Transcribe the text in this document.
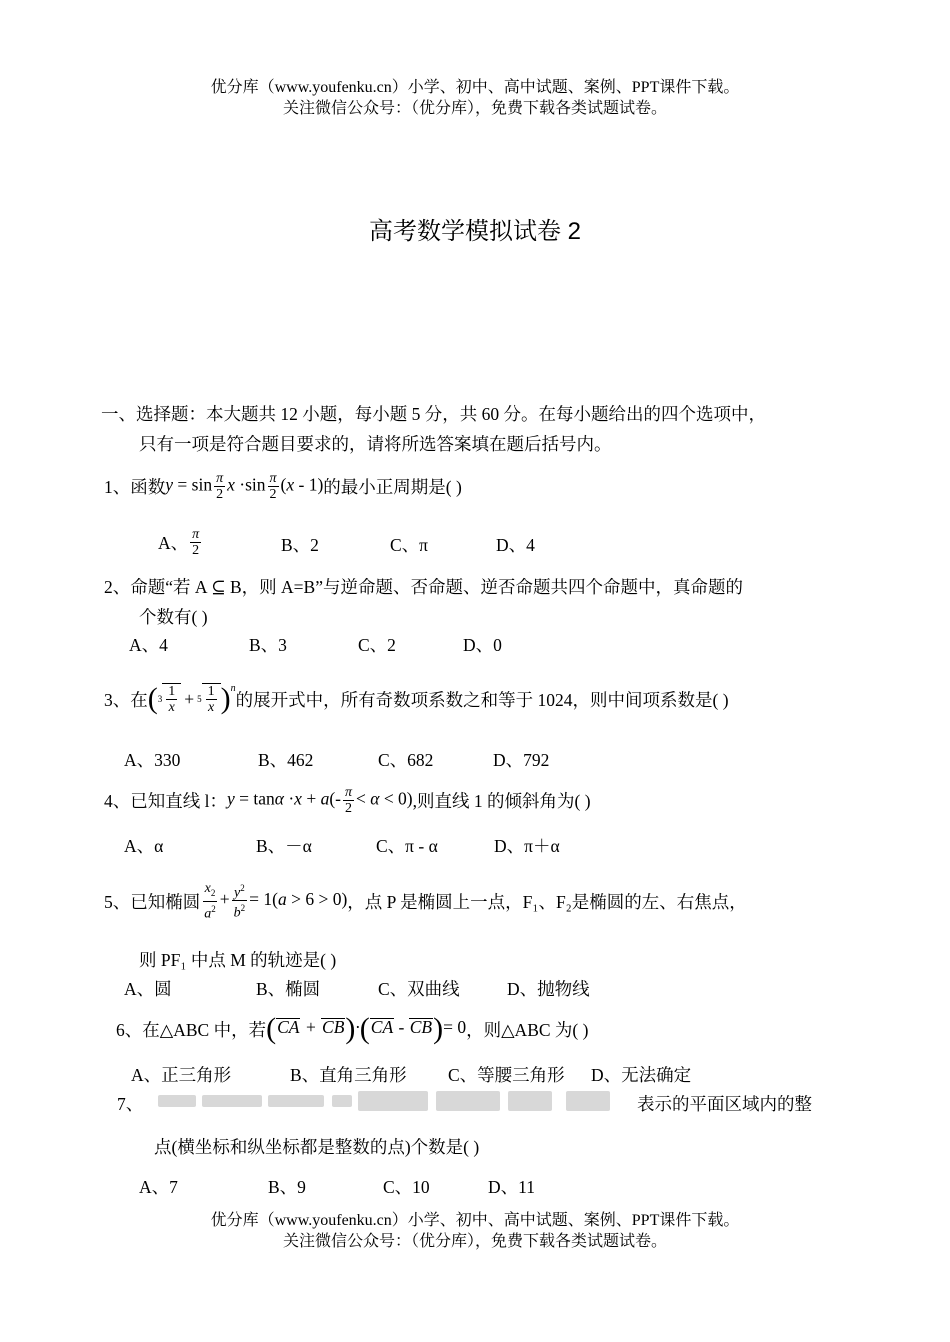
优分库（www.youfenku.cn）小学、初中、高中试题、案例、PPT课件下载。
关注微信公众号：（优分库），免费下载各类试题试卷。
高考数学模拟试卷 2
一、选择题：本大题共 12 小题，每小题 5 分，共 60 分。在每小题给出的四个选项中，
只有一项是符合题目要求的，请将所选答案填在题后括号内。
1、函数 $y = \sin \frac{\pi}{2}$ $x \cdot\sin \frac{\pi}{2} (x - 1)$ 的最小正周期是( )
A、 $\frac{\pi}{2}$	B、2	C、π	D、4
2、命题“若 A ⊆ B，则 A=B”与逆命题、否命题、逆否命题共四个命题中，真命题的
个数有( )
A、4	B、3	C、2	D、0
3、在 ( $3 \frac{1}{x} + 5 \frac{1}{x} )^n$
的展开式中，所有奇数项系数之和等于 1024，则中间项系数是( )
A、330	B、462	C、682	D、792
4、已知直线 l： $y = \tan\alpha \cdot x + a(- \frac{\pi}{2} < \alpha < 0)$ ,则直线 1 的倾斜角为( )
A、α	B、－α	C、π - α	D、π＋α
5、已知椭圆 $\frac{x_2}{a^2} + \frac{y^2}{b^2} = 1(a > 6 > 0)$ ，点 P 是椭圆上一点，F₁、F₂是椭圆的左、右焦点，
则 PF₁ 中点 M 的轨迹是( )
A、圆	B、椭圆	C、双曲线	D、抛物线
6、在△ABC 中，若 (CA + CB)·(CA - CB)= 0 ，则△ABC 为( )
A、正三角形	B、直角三角形 C、等腰三角形 D、无法确定
7、	表示的平面区域内的整
点(横坐标和纵坐标都是整数的点)个数是( )
A、7	B、9	C、10	D、11
优分库（www.youfenku.cn）小学、初中、高中试题、案例、PPT课件下载。
关注微信公众号：（优分库），免费下载各类试题试卷。
